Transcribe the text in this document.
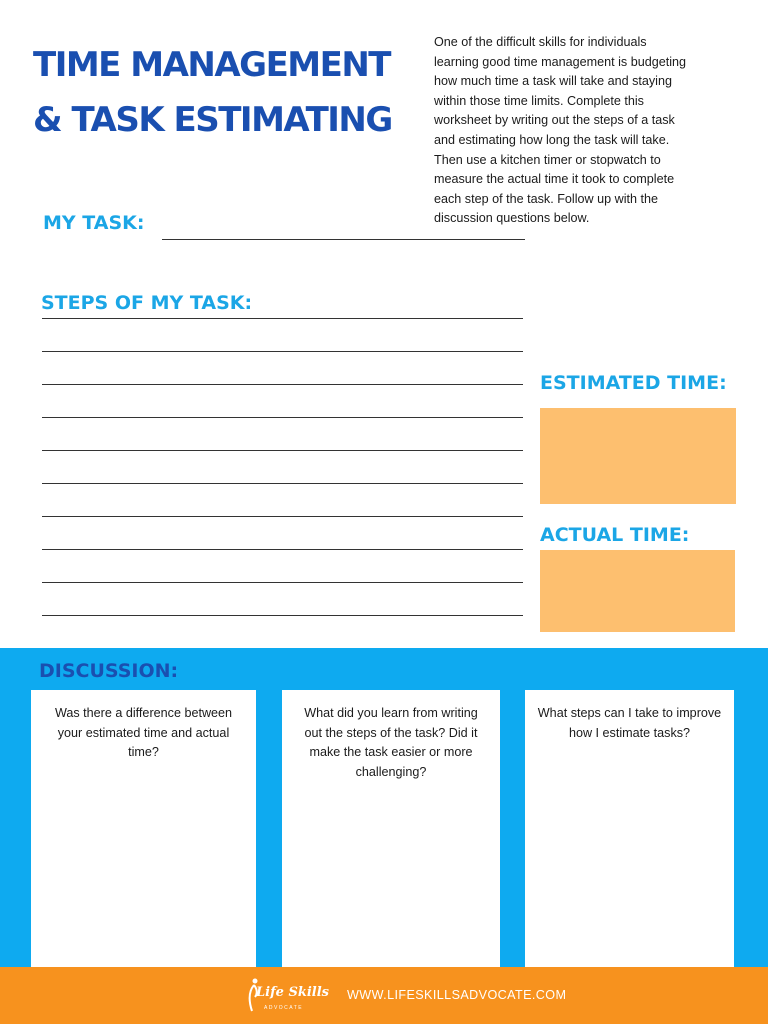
TIME MANAGEMENT
& TASK ESTIMATING
One of the difficult skills for individuals
learning good time management is budgeting
how much time a task will take and staying
within those time limits. Complete this
worksheet by writing out the steps of a task
and estimating how long the task will take.
Then use a kitchen timer or stopwatch to
measure the actual time it took to complete
each step of the task. Follow up with the
discussion questions below.
MY TASK:
STEPS OF MY TASK:
ESTIMATED TIME:
ACTUAL TIME:
DISCUSSION:
Was there a difference between your estimated time and actual time?
What did you learn from writing out the steps of the task? Did it make the task easier or more challenging?
What steps can I take to improve how I estimate tasks?
Life Skills
ADVOCATE
WWW.LIFESKILLSADVOCATE.COM
